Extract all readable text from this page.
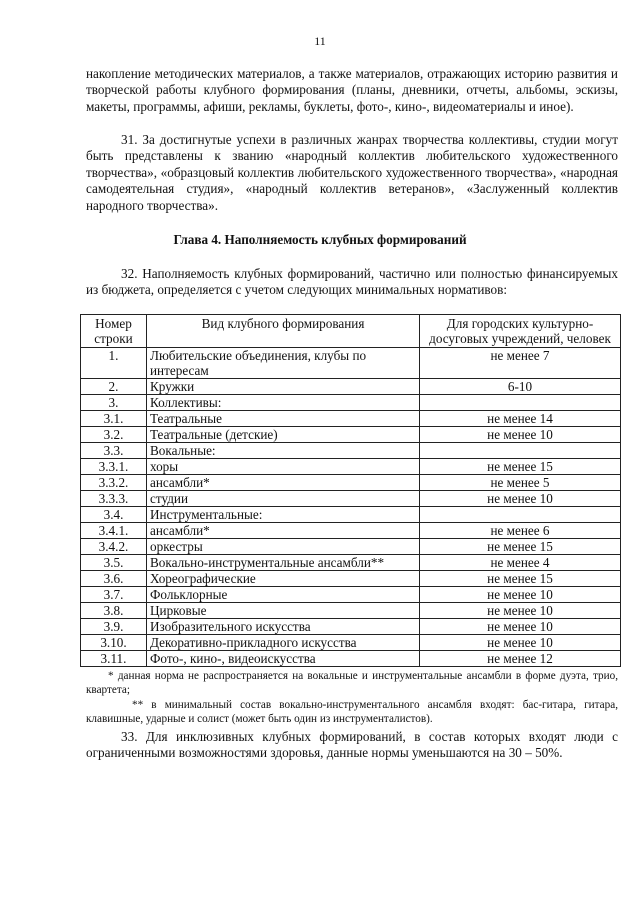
11

накопление методических материалов, а также материалов, отражающих историю развития и творческой работы клубного формирования (планы, дневники, отчеты, альбомы, эскизы, макеты, программы, афиши, рекламы, буклеты, фото-, кино-, видеоматериалы и иное).

31. За достигнутые успехи в различных жанрах творчества коллективы, студии могут быть представлены к званию «народный коллектив любительского художественного творчества», «образцовый коллектив любительского художественного творчества», «народная самодеятельная студия», «народный коллектив ветеранов», «Заслуженный коллектив народного творчества».

Глава 4. Наполняемость клубных формирований

32. Наполняемость клубных формирований, частично или полностью финансируемых из бюджета, определяется с учетом следующих минимальных нормативов:

Номер строки	Вид клубного формирования	Для городских культурно-досуговых учреждений, человек
1.	Любительские объединения, клубы по интересам	не менее 7
2.	Кружки	6-10
3.	Коллективы:	
3.1.	Театральные	не менее 14
3.2.	Театральные (детские)	не менее 10
3.3.	Вокальные:	
3.3.1.	хоры	не менее 15
3.3.2.	ансамбли*	не менее 5
3.3.3.	студии	не менее 10
3.4.	Инструментальные:	
3.4.1.	ансамбли*	не менее 6
3.4.2.	оркестры	не менее 15
3.5.	Вокально-инструментальные ансамбли**	не менее 4
3.6.	Хореографические	не менее 15
3.7.	Фольклорные	не менее 10
3.8.	Цирковые	не менее 10
3.9.	Изобразительного искусства	не менее 10
3.10.	Декоративно-прикладного искусства	не менее 10
3.11.	Фото-, кино-, видеоискусства	не менее 12

* данная норма не распространяется на вокальные и инструментальные ансамбли в форме дуэта, трио, квартета;

** в минимальный состав вокально-инструментального ансамбля входят: бас-гитара, гитара, клавишные, ударные и солист (может быть один из инструменталистов).

33. Для инклюзивных клубных формирований, в состав которых входят люди с ограниченными возможностями здоровья, данные нормы уменьшаются на 30 – 50%.
